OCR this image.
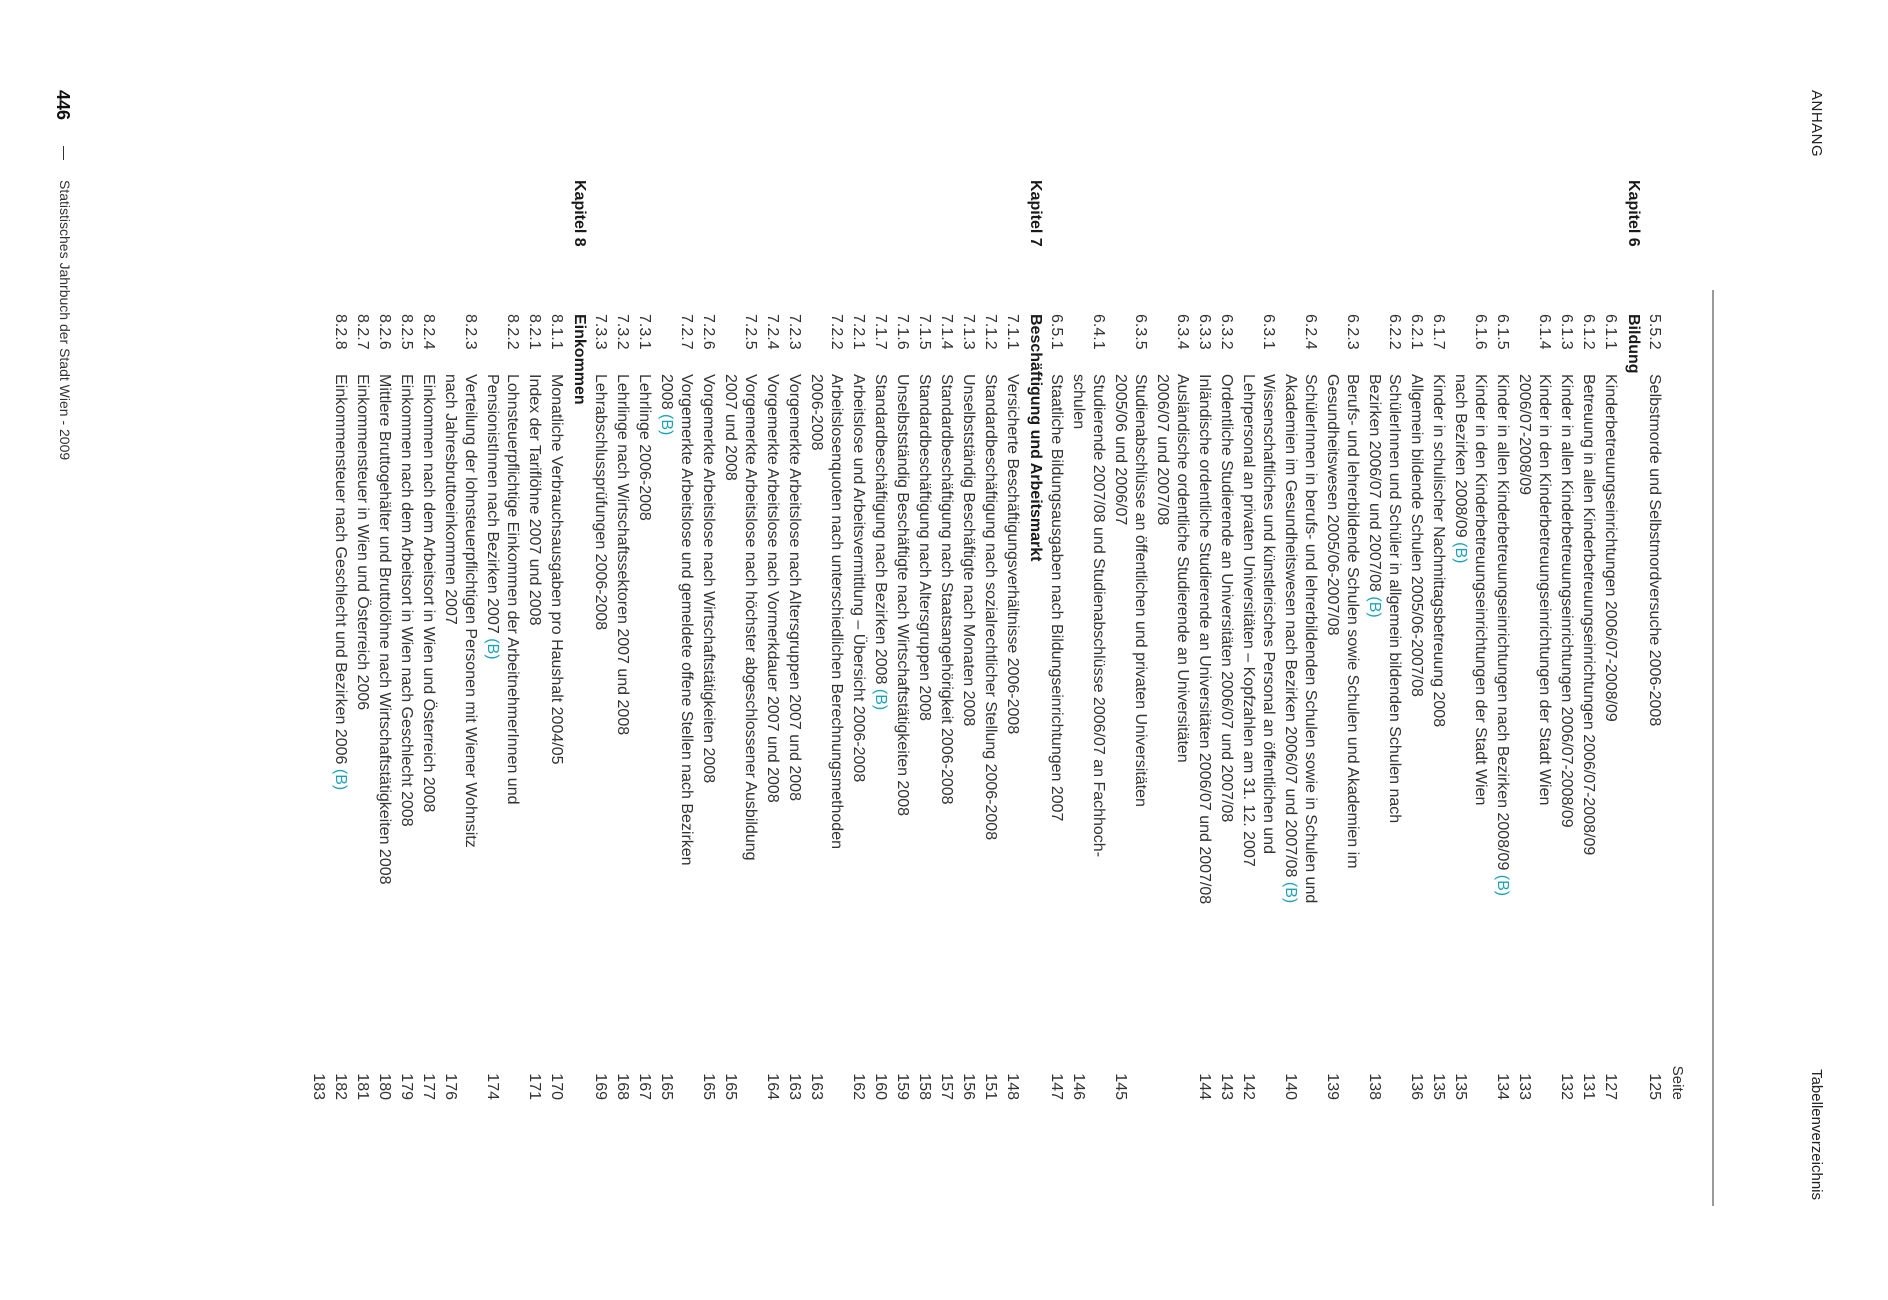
ANHANG
Tabellenverzeichnis
Seite
5.5.2
Selbstmorde und Selbstmordversuche 2006-2008
125
Kapitel 6
Bildung
6.1.1
Kinderbetreuungseinrichtungen 2006/07-2008/09
127
6.1.2
Betreuung in allen Kinderbetreuungseinrichtungen 2006/07-2008/09
131
6.1.3
Kinder in allen Kinderbetreuungseinrichtungen 2006/07-2008/09
132
6.1.4
Kinder in den Kinderbetreuungseinrichtungen der Stadt Wien
2006/07-2008/09
133
6.1.5
Kinder in allen Kinderbetreuungseinrichtungen nach Bezirken 2008/09 (B)
134
6.1.6
Kinder in den Kinderbetreuungseinrichtungen der Stadt Wien
nach Bezirken 2008/09 (B)
135
6.1.7
Kinder in schulischer Nachmittagsbetreuung 2008
135
6.2.1
Allgemein bildende Schulen 2005/06-2007/08
136
6.2.2
SchülerInnen und Schüler in allgemein bildenden Schulen nach
Bezirken 2006/07 und 2007/08 (B)
138
6.2.3
Berufs- und lehrerbildende Schulen sowie Schulen und Akademien im
Gesundheitswesen 2005/06-2007/08
139
6.2.4
SchülerInnen in berufs- und lehrerbildenden Schulen sowie in Schulen und
Akademien im Gesundheitswesen nach Bezirken 2006/07 und 2007/08 (B)
140
6.3.1
Wissenschaftliches und künstlerisches Personal an öffentlichen und
Lehrpersonal an privaten Universitäten – Kopfzahlen am 31. 12. 2007
142
6.3.2
Ordentliche Studierende an Universitäten 2006/07 und 2007/08
143
6.3.3
Inländische ordentliche Studierende an Universitäten 2006/07 und 2007/08
144
6.3.4
Ausländische ordentliche Studierende an Universitäten
2006/07 und 2007/08
6.3.5
Studienabschlüsse an öffentlichen und privaten Universitäten
2005/06 und 2006/07
145
6.4.1
Studierende 2007/08 und Studienabschlüsse 2006/07 an Fachhoch-
schulen
146
6.5.1
Staatliche Bildungsausgaben nach Bildungseinrichtungen 2007
147
Kapitel 7
Beschäftigung und Arbeitsmarkt
7.1.1
Versicherte Beschäftigungsverhältnisse 2006-2008
148
7.1.2
Standardbeschäftigung nach sozialrechtlicher Stellung 2006-2008
151
7.1.3
Unselbstständig Beschäftigte nach Monaten 2008
156
7.1.4
Standardbeschäftigung nach Staatsangehörigkeit 2006-2008
157
7.1.5
Standardbeschäftigung nach Altersgruppen 2008
158
7.1.6
Unselbstständig Beschäftigte nach Wirtschaftstätigkeiten 2008
159
7.1.7
Standardbeschäftigung nach Bezirken 2008 (B)
160
7.2.1
Arbeitslose und Arbeitsvermittlung – Übersicht 2006-2008
162
7.2.2
Arbeitslosenquoten nach unterschiedlichen Berechnungsmethoden
2006-2008
163
7.2.3
Vorgemerkte Arbeitslose nach Altersgruppen 2007 und 2008
163
7.2.4
Vorgemerkte Arbeitslose nach Vormerkdauer 2007 und 2008
164
7.2.5
Vorgemerkte Arbeitslose nach höchster abgeschlossener Ausbildung
2007 und 2008
165
7.2.6
Vorgemerkte Arbeitslose nach Wirtschaftstätigkeiten 2008
165
7.2.7
Vorgemerkte Arbeitslose und gemeldete offene Stellen nach Bezirken
2008 (B)
165
7.3.1
Lehrlinge 2006-2008
167
7.3.2
Lehrlinge nach Wirtschaftssektoren 2007 und 2008
168
7.3.3
Lehrabschlussprüfungen 2006-2008
169
Kapitel 8
Einkommen
8.1.1
Monatliche Verbrauchsausgaben pro Haushalt 2004/05
170
8.2.1
Index der Tariflöhne 2007 und 2008
171
8.2.2
Lohnsteuerpflichtige Einkommen der ArbeitnehmerInnen und
PensionistInnen nach Bezirken 2007 (B)
174
8.2.3
Verteilung der lohnsteuerpflichtigen Personen mit Wiener Wohnsitz
nach Jahresbruttoeinkommen 2007
176
8.2.4
Einkommen nach dem Arbeitsort in Wien und Österreich 2008
177
8.2.5
Einkommen nach dem Arbeitsort in Wien nach Geschlecht 2008
179
8.2.6
Mittlere Bruttogehälter und Bruttolöhne nach Wirtschaftstätigkeiten 2008
180
8.2.7
Einkommensteuer in Wien und Österreich 2006
181
8.2.8
Einkommensteuer nach Geschlecht und Bezirken 2006 (B)
182
183
446
Statistisches Jahrbuch der Stadt Wien - 2009
